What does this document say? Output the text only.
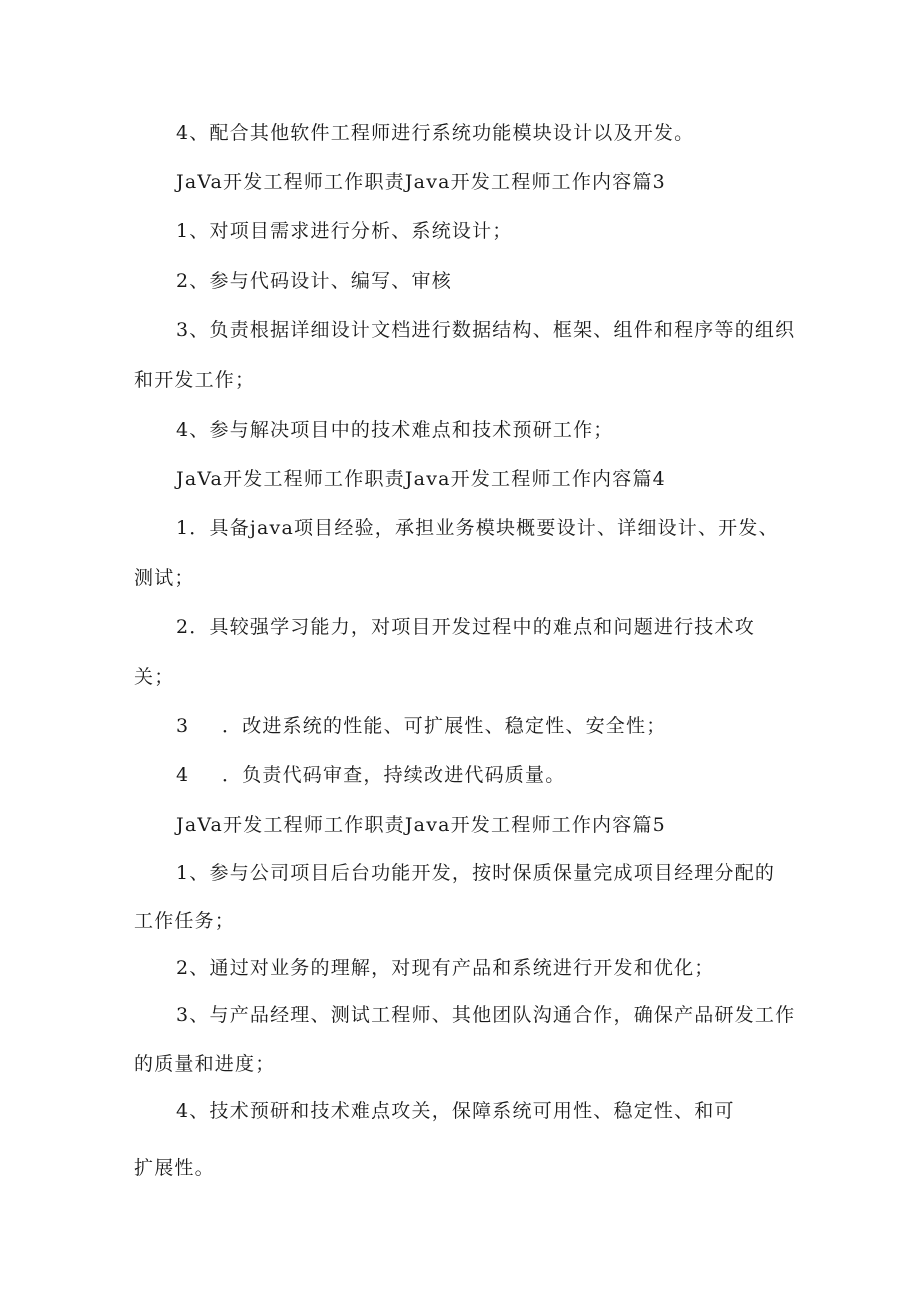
4、配合其他软件工程师进行系统功能模块设计以及开发。
JaVa开发工程师工作职责Java开发工程师工作内容篇3
1、对项目需求进行分析、系统设计；
2、参与代码设计、编写、审核
3、负责根据详细设计文档进行数据结构、框架、组件和程序等的组织
和开发工作；
4、参与解决项目中的技术难点和技术预研工作；
JaVa开发工程师工作职责Java开发工程师工作内容篇4
1．具备java项目经验，承担业务模块概要设计、详细设计、开发、
测试；
2．具较强学习能力，对项目开发过程中的难点和问题进行技术攻
关；
3 ．改进系统的性能、可扩展性、稳定性、安全性；
4 ．负责代码审查，持续改进代码质量。
JaVa开发工程师工作职责Java开发工程师工作内容篇5
1、参与公司项目后台功能开发，按时保质保量完成项目经理分配的
工作任务；
2、通过对业务的理解，对现有产品和系统进行开发和优化；
3、与产品经理、测试工程师、其他团队沟通合作，确保产品研发工作
的质量和进度；
4、技术预研和技术难点攻关，保障系统可用性、稳定性、和可
扩展性。
